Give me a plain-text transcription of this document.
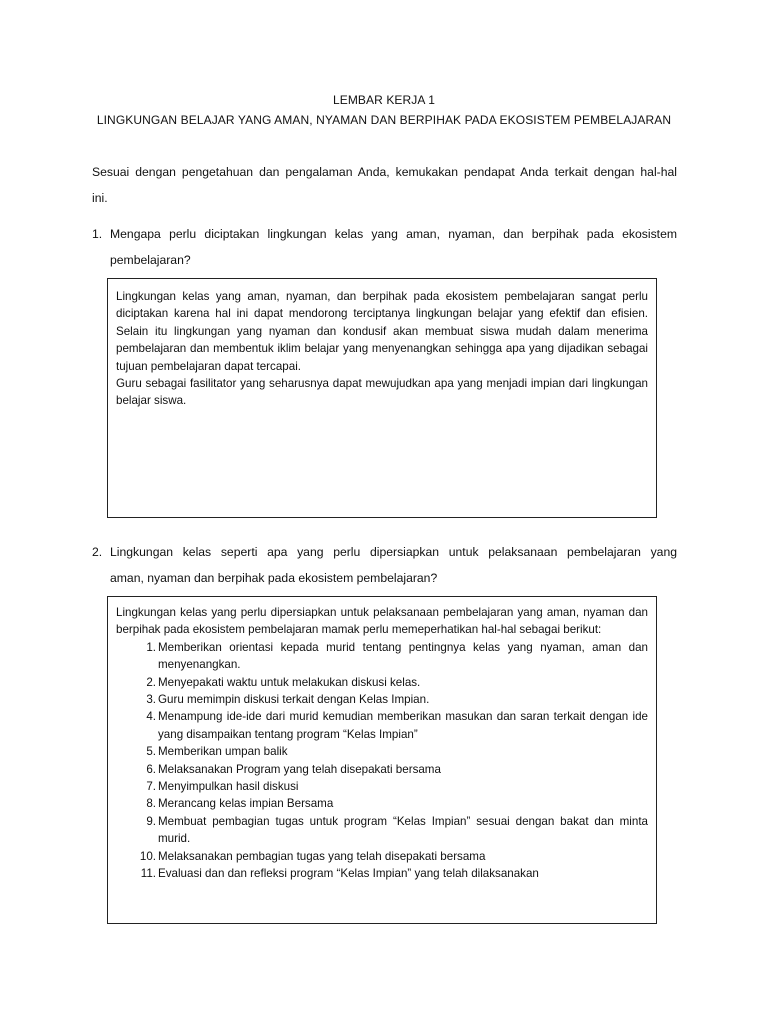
LEMBAR KERJA 1
LINGKUNGAN BELAJAR YANG AMAN, NYAMAN DAN BERPIHAK PADA EKOSISTEM PEMBELAJARAN
Sesuai dengan pengetahuan dan pengalaman Anda, kemukakan pendapat Anda terkait dengan hal-hal
ini.
1. Mengapa perlu diciptakan lingkungan kelas yang aman, nyaman, dan berpihak pada ekosistem
pembelajaran?

Lingkungan kelas yang aman, nyaman, dan berpihak pada ekosistem pembelajaran sangat perlu diciptakan karena hal ini dapat mendorong terciptanya lingkungan belajar yang efektif dan efisien. Selain itu lingkungan yang nyaman dan kondusif akan membuat siswa mudah dalam menerima pembelajaran dan membentuk iklim belajar yang menyenangkan sehingga apa yang dijadikan sebagai tujuan pembelajaran dapat tercapai.

Guru sebagai fasilitator yang seharusnya dapat mewujudkan apa yang menjadi impian dari lingkungan belajar siswa.

2. Lingkungan kelas seperti apa yang perlu dipersiapkan untuk pelaksanaan pembelajaran yang
aman, nyaman dan berpihak pada ekosistem pembelajaran?

Lingkungan kelas yang perlu dipersiapkan untuk pelaksanaan pembelajaran yang aman, nyaman dan berpihak pada ekosistem pembelajaran mamak perlu memeperhatikan hal-hal sebagai berikut:

1. Memberikan orientasi kepada murid tentang pentingnya kelas yang nyaman, aman dan menyenangkan.
2. Menyepakati waktu untuk melakukan diskusi kelas.
3. Guru memimpin diskusi terkait dengan Kelas Impian.
4. Menampung ide-ide dari murid kemudian memberikan masukan dan saran terkait dengan ide yang disampaikan tentang program “Kelas Impian”
5. Memberikan umpan balik
6. Melaksanakan Program yang telah disepakati bersama
7. Menyimpulkan hasil diskusi
8. Merancang kelas impian Bersama
9. Membuat pembagian tugas untuk program “Kelas Impian” sesuai dengan bakat dan minta murid.
10. Melaksanakan pembagian tugas yang telah disepakati bersama
11. Evaluasi dan dan refleksi program “Kelas Impian” yang telah dilaksanakan
